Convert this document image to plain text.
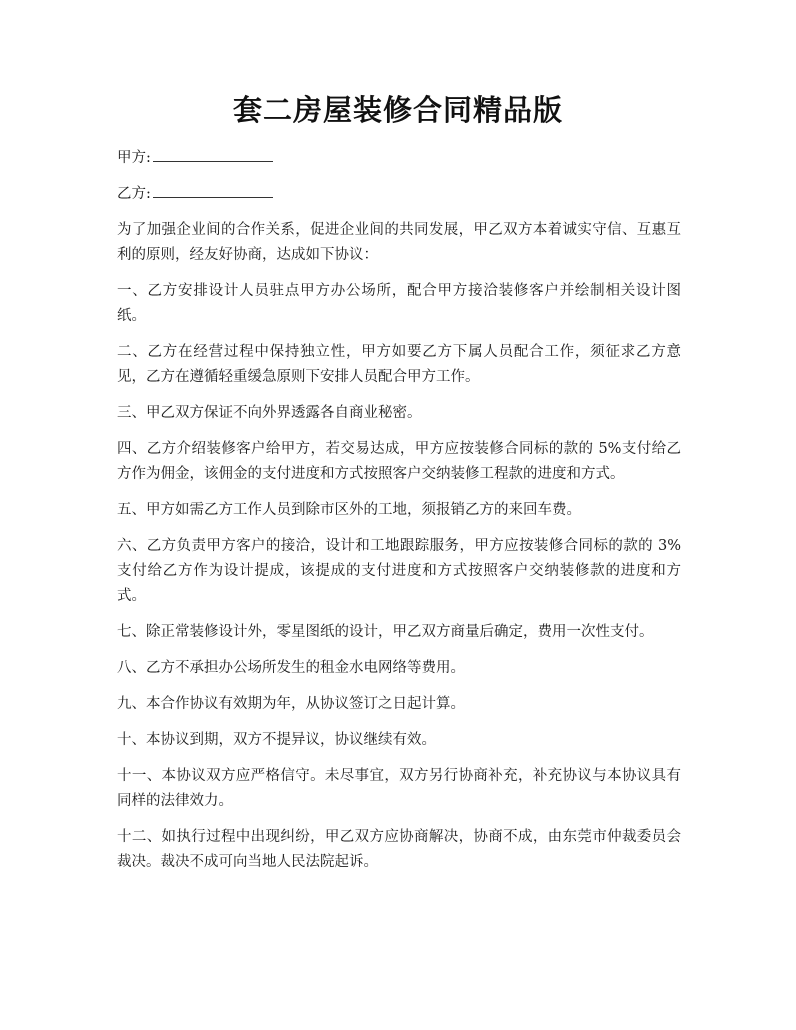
套二房屋装修合同精品版

甲方:

乙方:

为了加强企业间的合作关系，促进企业间的共同发展，甲乙双方本着诚实守信、互惠互利的原则，经友好协商，达成如下协议：

一、乙方安排设计人员驻点甲方办公场所，配合甲方接洽装修客户并绘制相关设计图纸。

二、乙方在经营过程中保持独立性，甲方如要乙方下属人员配合工作，须征求乙方意见，乙方在遵循轻重缓急原则下安排人员配合甲方工作。

三、甲乙双方保证不向外界透露各自商业秘密。

四、乙方介绍装修客户给甲方，若交易达成，甲方应按装修合同标的款的 5%支付给乙方作为佣金，该佣金的支付进度和方式按照客户交纳装修工程款的进度和方式。

五、甲方如需乙方工作人员到除市区外的工地，须报销乙方的来回车费。

六、乙方负责甲方客户的接洽，设计和工地跟踪服务，甲方应按装修合同标的款的 3%支付给乙方作为设计提成，该提成的支付进度和方式按照客户交纳装修款的进度和方式。

七、除正常装修设计外，零星图纸的设计，甲乙双方商量后确定，费用一次性支付。

八、乙方不承担办公场所发生的租金水电网络等费用。

九、本合作协议有效期为年，从协议签订之日起计算。

十、本协议到期，双方不提异议，协议继续有效。

十一、本协议双方应严格信守。未尽事宜，双方另行协商补充，补充协议与本协议具有同样的法律效力。

十二、如执行过程中出现纠纷，甲乙双方应协商解决，协商不成，由东莞市仲裁委员会裁决。裁决不成可向当地人民法院起诉。
